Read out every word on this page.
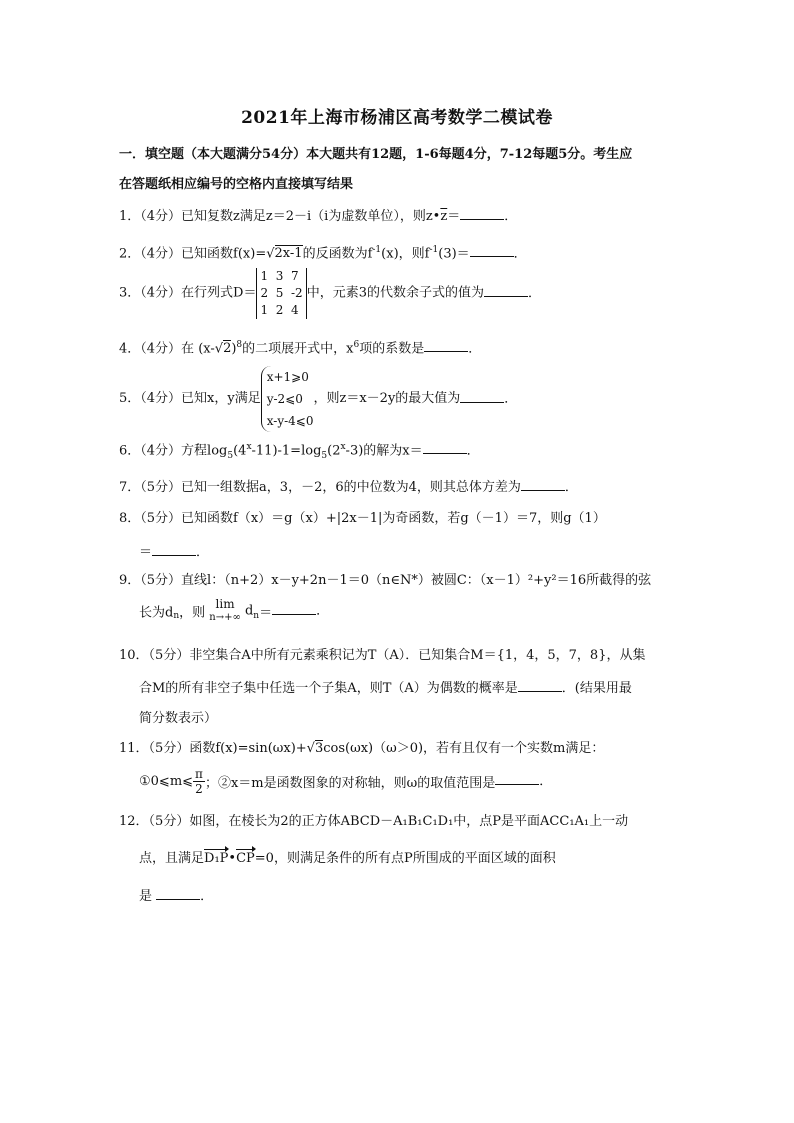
2021年上海市杨浦区高考数学二模试卷
一．填空题（本大题满分54分）本大题共有12题，1-6每题4分，7-12每题5分。考生应
在答题纸相应编号的空格内直接填写结果
1．（4分）已知复数z满足z＝2－i（i为虚数单位），则$z•\overline{z}=$	．
2．（4分）已知函数f(x)=√2x-1的反函数为$f^{-1}(x)$，则$f^{-1}(3)=$	．
3．（4分）在行列式D＝
1  3  7
2  5  -2
1  2  4
中，元素3的代数余子式的值为	．
4．（4分）在 $(x-√2)^8$的二项展开式中，$x^6$项的系数是	．
5．（4分）已知x，y满足
x+1⩾0
y-2⩽0
x-y-4⩽0
，则z＝x－2y的最大值为	．
6．（4分）方程$\log_5(4^x-11)-1=\log_5(2^x-3)$的解为x＝	．
7．（5分）已知一组数据a，3，－2，6的中位数为4，则其总体方差为	．
8．（5分）已知函数f（x）＝g（x）+|2x－1|为奇函数，若g（－1）＝7，则g（1）
＝	．
9．（5分）直线l：（n+2）x－y+2n－1＝0（n∈N*）被圆C：（x－1）²+y²＝16所截得的弦
长为$d_n$，则
lim
n→+∞ $d_n=$	．
10．（5分）非空集合A中所有元素乘积记为T（A）．已知集合M＝{1，4，5，7，8}，从集
合M的所有非空子集中任选一个子集A，则T（A）为偶数的概率是	．(结果用最
简分数表示）
11．（5分）函数f(x)=sin(ωx)+√3cos(ωx)（ω＞0)，若有且仅有一个实数m满足：
①0⩽m⩽ $\frac{\pi}{2}$ ；②x＝m是函数图象的对称轴，则ω的取值范围是	．
12．（5分）如图，在棱长为2的正方体ABCD－A₁B₁C₁D₁中，点P是平面ACC₁A₁上一动
点，且满足D₁P•CP=0，则满足条件的所有点P所围成的平面区域的面积
是	．
